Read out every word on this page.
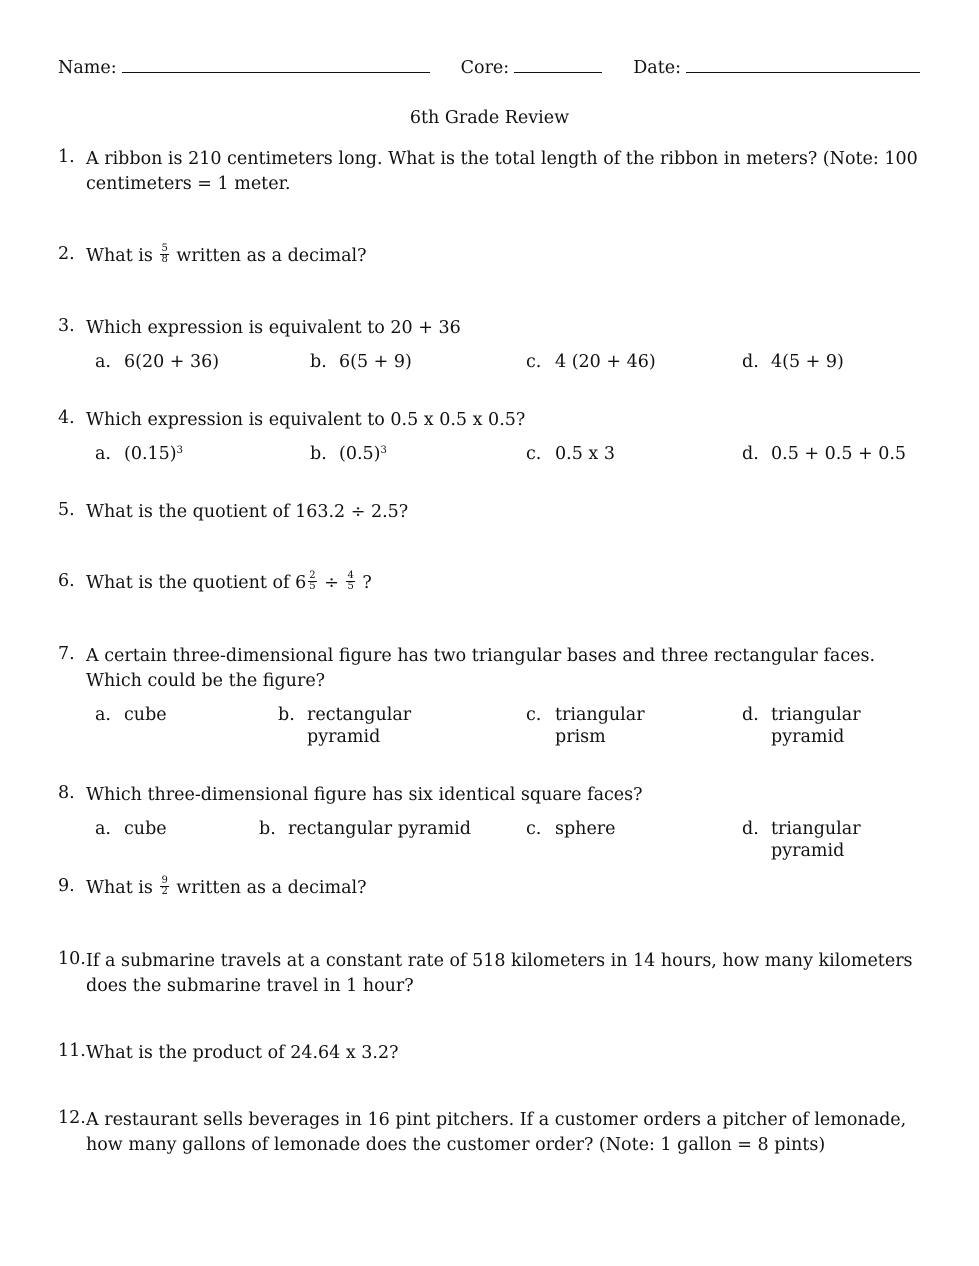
Name:	Core:	Date:
6th Grade Review
1. A ribbon is 210 centimeters long. What is the total length of the ribbon in meters? (Note: 100 centimeters = 1 meter.
2. What is $\frac{5}{8}$ written as a decimal?
3. Which expression is equivalent to 20 + 36
a. 6(20 + 36)	b. 6(5 + 9)	c. 4 (20 + 46)	d. 4(5 + 9)
4. Which expression is equivalent to 0.5 x 0.5 x 0.5?
a. $(0.15)^3$	b. $(0.5)^3$	c. 0.5 x 3	d. 0.5 + 0.5 + 0.5
5. What is the quotient of 163.2 ÷ 2.5?
6. What is the quotient of $6 \frac{2}{5} \div \frac{4}{5}$ ?
7. A certain three-dimensional figure has two triangular bases and three rectangular faces. Which could be the figure?
a. cube	b. rectangular
pyramid
c. triangular
prism
d. triangular
pyramid
8. Which three-dimensional figure has six identical square faces?
a. cube	b. rectangular pyramid	c. sphere	d. triangular
pyramid
9. What is $\frac{9}{2}$ written as a decimal?
10. If a submarine travels at a constant rate of 518 kilometers in 14 hours, how many kilometers does the submarine travel in 1 hour?
11. What is the product of 24.64 x 3.2?
12. A restaurant sells beverages in 16 pint pitchers. If a customer orders a pitcher of lemonade, how many gallons of lemonade does the customer order? (Note: 1 gallon = 8 pints)
